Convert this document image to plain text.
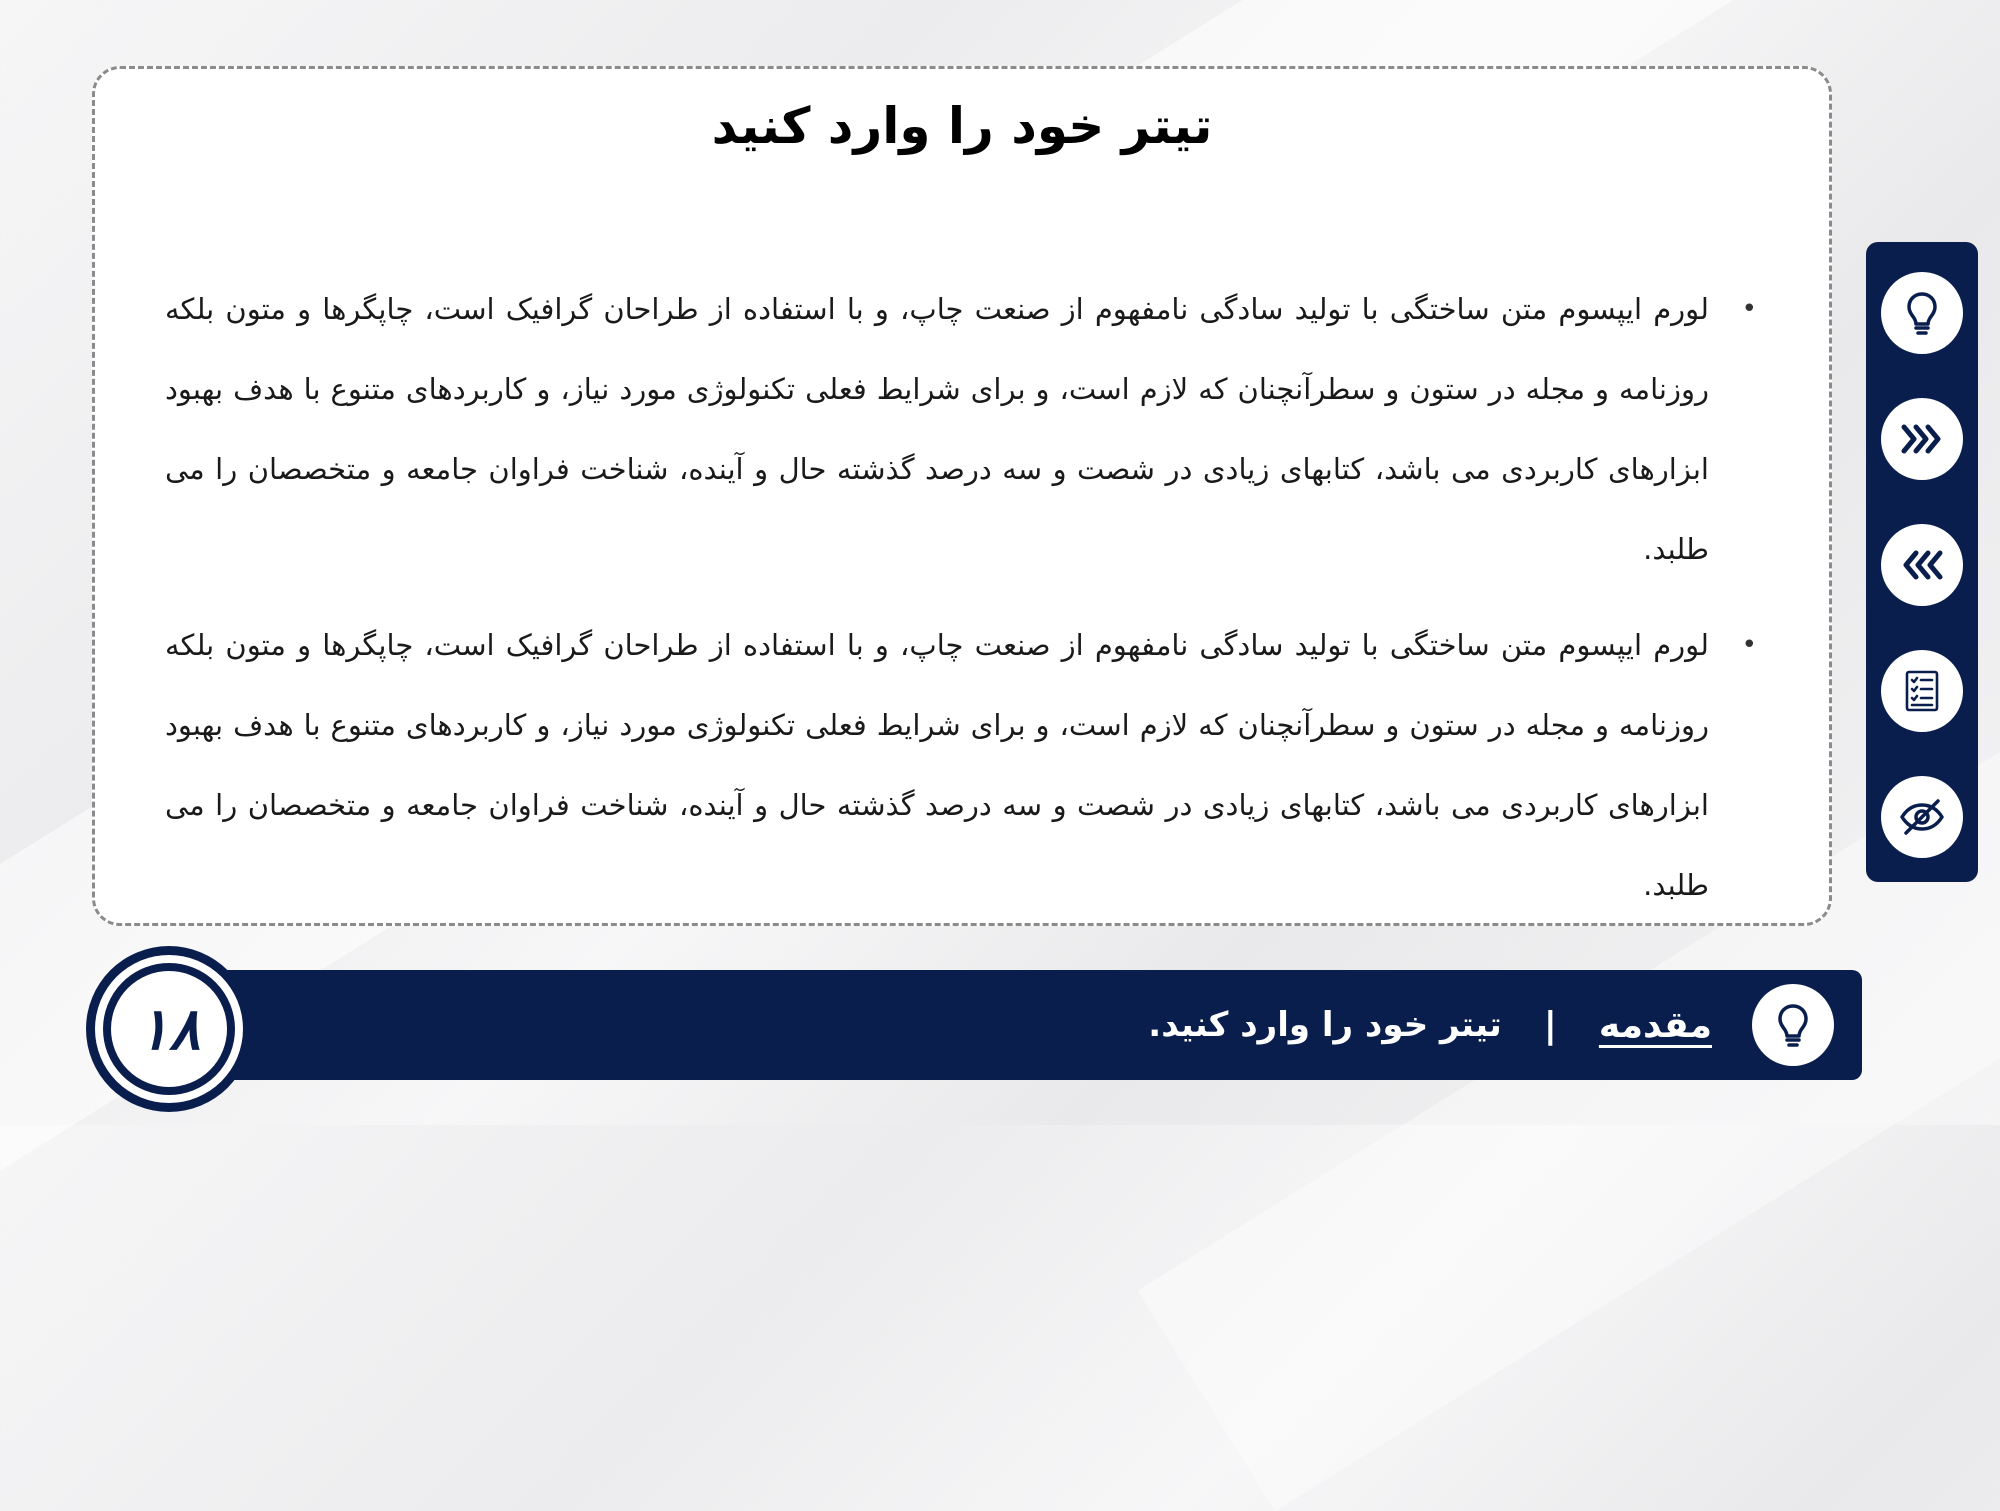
تیتر خود را وارد کنید
•
لورم ایپسوم متن ساختگی با تولید سادگی نامفهوم از صنعت چاپ، و با استفاده از طراحان گرافیک است، چاپگرها و متون بلکه روزنامه و مجله در ستون و سطرآنچنان که لازم است، و برای شرایط فعلی تکنولوژی مورد نیاز، و کاربردهای متنوع با هدف بهبود ابزارهای کاربردی می باشد، کتابهای زیادی در شصت و سه درصد گذشته حال و آینده، شناخت فراوان جامعه و متخصصان را می طلبد.
•
لورم ایپسوم متن ساختگی با تولید سادگی نامفهوم از صنعت چاپ، و با استفاده از طراحان گرافیک است، چاپگرها و متون بلکه روزنامه و مجله در ستون و سطرآنچنان که لازم است، و برای شرایط فعلی تکنولوژی مورد نیاز، و کاربردهای متنوع با هدف بهبود ابزارهای کاربردی می باشد، کتابهای زیادی در شصت و سه درصد گذشته حال و آینده، شناخت فراوان جامعه و متخصصان را می طلبد.
مقدمه
|
تیتر خود را وارد کنید.
۱۸
